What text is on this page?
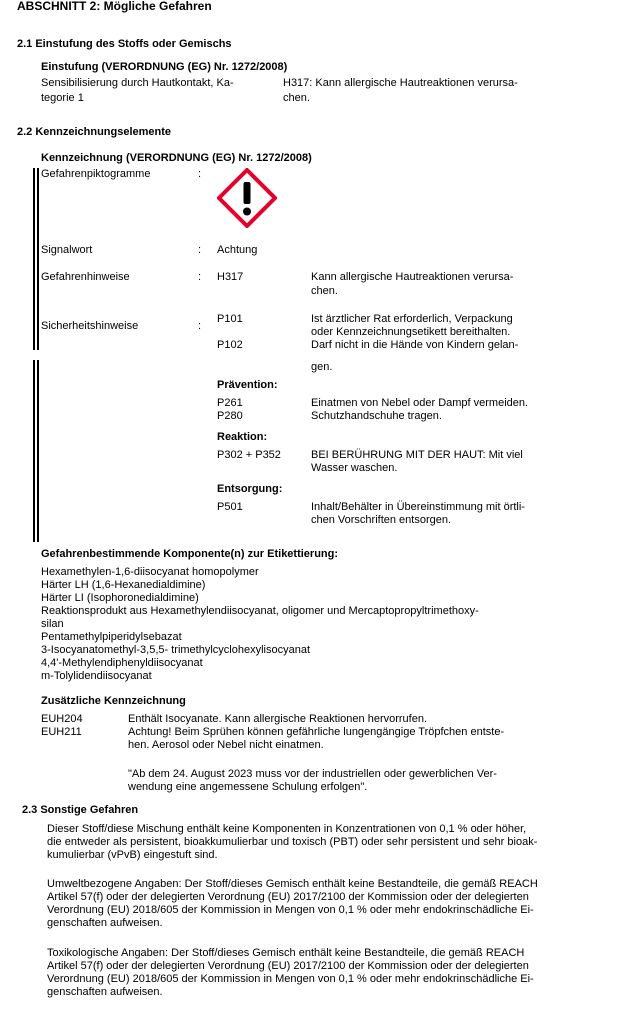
ABSCHNITT 2: Mögliche Gefahren
2.1 Einstufung des Stoffs oder Gemischs
Einstufung (VERORDNUNG (EG) Nr. 1272/2008)
Sensibilisierung durch Hautkontakt, Ka-
tegorie 1
H317: Kann allergische Hautreaktionen verursa-
chen.
2.2 Kennzeichnungselemente
Kennzeichnung (VERORDNUNG (EG) Nr. 1272/2008)
Gefahrenpiktogramme	:
Signalwort	: Achtung
Gefahrenhinweise	: H317	Kann allergische Hautreaktionen verursa-
chen.
Sicherheitshinweise	:
P101	Ist ärztlicher Rat erforderlich, Verpackung
oder Kennzeichnungsetikett bereithalten.
P102	Darf nicht in die Hände von Kindern gelan-
gen.
Prävention:
P261	Einatmen von Nebel oder Dampf vermeiden.
P280	Schutzhandschuhe tragen.
Reaktion:
P302 + P352	BEI BERÜHRUNG MIT DER HAUT: Mit viel
Wasser waschen.
Entsorgung:
P501	Inhalt/Behälter in Übereinstimmung mit örtli-
chen Vorschriften entsorgen.
Gefahrenbestimmende Komponente(n) zur Etikettierung:
Hexamethylen-1,6-diisocyanat homopolymer
Härter LH (1,6-Hexanedialdimine)
Härter LI (Isophoronedialdimine)
Reaktionsprodukt aus Hexamethylendiisocyanat, oligomer und Mercaptopropyltrimethoxy-
silan
Pentamethylpiperidylsebazat
3-Isocyanatomethyl-3,5,5- trimethylcyclohexylisocyanat
4,4'-Methylendiphenyldiisocyanat
m-Tolylidendiisocyanat
Zusätzliche Kennzeichnung
EUH204	Enthält Isocyanate. Kann allergische Reaktionen hervorrufen.
EUH211	Achtung! Beim Sprühen können gefährliche lungengängige Tröpfchen entste-
hen. Aerosol oder Nebel nicht einatmen.
"Ab dem 24. August 2023 muss vor der industriellen oder gewerblichen Ver-
wendung eine angemessene Schulung erfolgen".
2.3 Sonstige Gefahren
Dieser Stoff/diese Mischung enthält keine Komponenten in Konzentrationen von 0,1 % oder höher,
die entweder als persistent, bioakkumulierbar und toxisch (PBT) oder sehr persistent und sehr bioak-
kumulierbar (vPvB) eingestuft sind.
Umweltbezogene Angaben: Der Stoff/dieses Gemisch enthält keine Bestandteile, die gemäß REACH
Artikel 57(f) oder der delegierten Verordnung (EU) 2017/2100 der Kommission oder der delegierten
Verordnung (EU) 2018/605 der Kommission in Mengen von 0,1 % oder mehr endokrinschädliche Ei-
genschaften aufweisen.
Toxikologische Angaben: Der Stoff/dieses Gemisch enthält keine Bestandteile, die gemäß REACH
Artikel 57(f) oder der delegierten Verordnung (EU) 2017/2100 der Kommission oder der delegierten
Verordnung (EU) 2018/605 der Kommission in Mengen von 0,1 % oder mehr endokrinschädliche Ei-
genschaften aufweisen.
